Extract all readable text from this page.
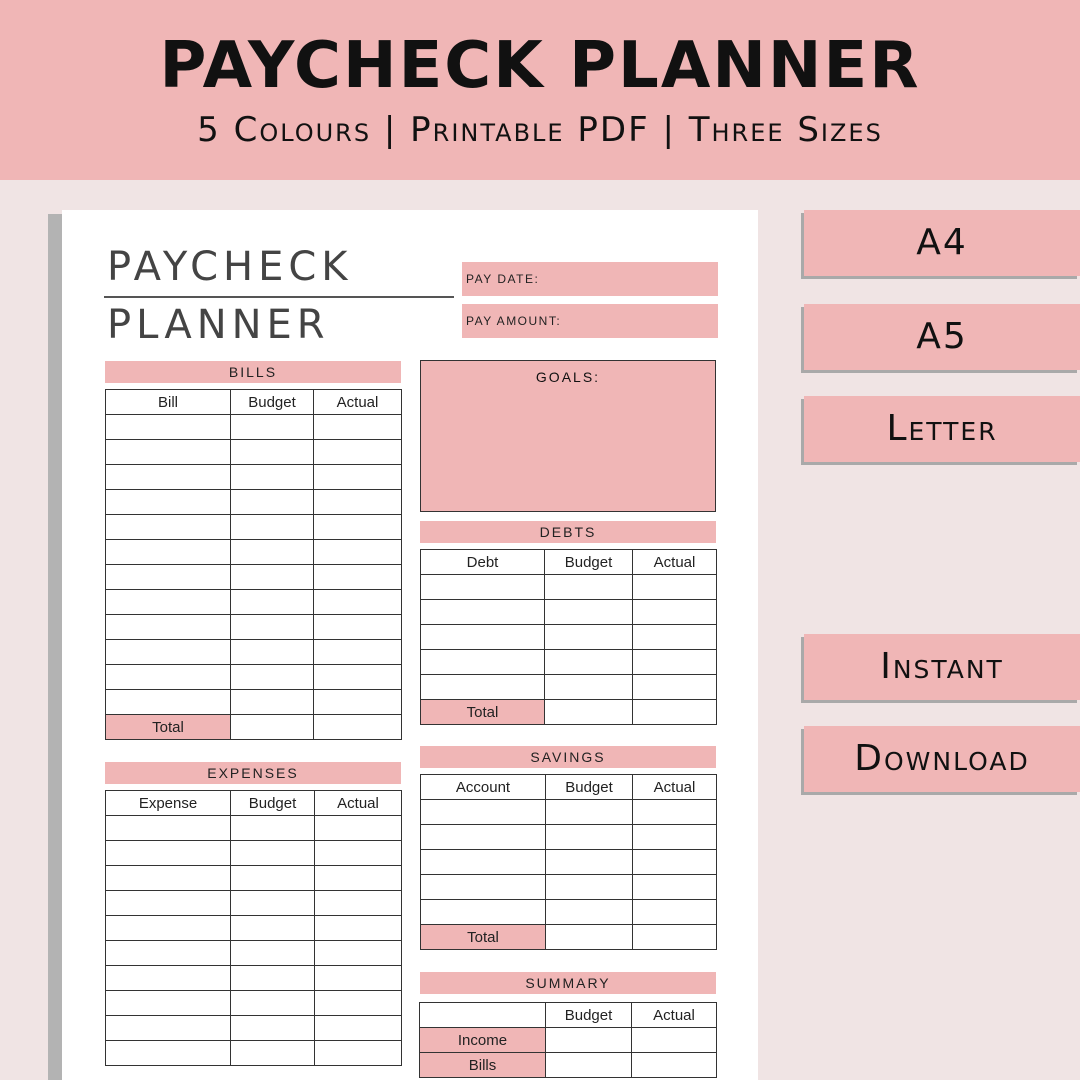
PAYCHECK PLANNER
5 Colours | Printable PDF | Three Sizes
PAYCHECK
PLANNER
PAY DATE:
PAY AMOUNT:
BILLS
Bill	Budget	Actual

Total		
EXPENSES
Expense	Budget	Actual

GOALS:
DEBTS
Debt	Budget	Actual

Total		
SAVINGS
Account	Budget	Actual

Total		
SUMMARY
	Budget	Actual
Income		
Bills		
A4
A5
Letter
Instant
Download
